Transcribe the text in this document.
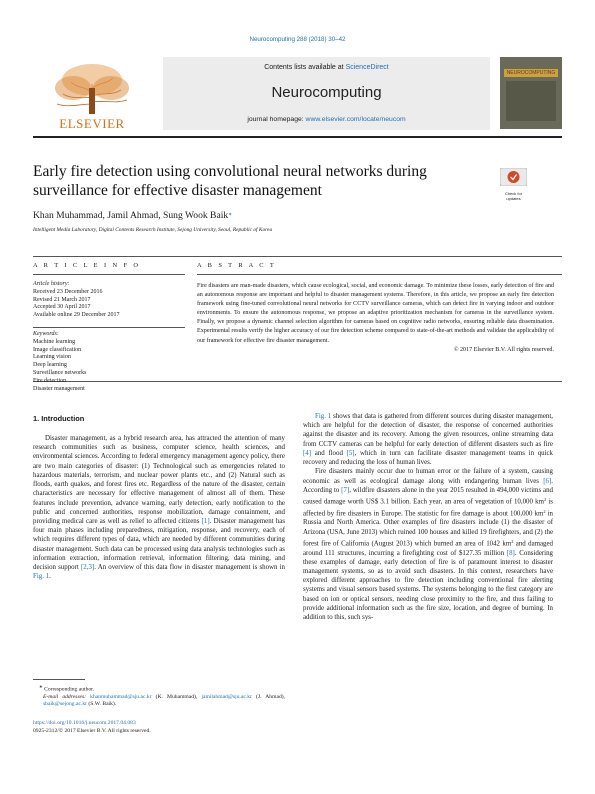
Neurocomputing 288 (2018) 30–42
ELSEVIER
Contents lists available at ScienceDirect
Neurocomputing
journal homepage: www.elsevier.com/locate/neucom
NEUROCOMPUTING
Early fire detection using convolutional neural networks during surveillance for effective disaster management	Check for
updates
Khan Muhammad, Jamil Ahmad, Sung Wook Baik∗
Intelligent Media Laboratory, Digital Contents Research Institute, Sejong University, Seoul, Republic of Korea
A R T I C L E I N F O
Article history:
Received 23 December 2016
Revised 21 March 2017
Accepted 30 April 2017
Available online 29 December 2017
Keywords:
Machine learning
Image classification
Learning vision
Deep learning
Surveillance networks
Fire detection
Disaster management
A B S T R A C T
Fire disasters are man-made disasters, which cause ecological, social, and economic damage. To minimize these losses, early detection of fire and an autonomous response are important and helpful to disaster management systems. Therefore, in this article, we propose an early fire detection framework using fine-tuned convolutional neural networks for CCTV surveillance cameras, which can detect fire in varying indoor and outdoor environments. To ensure the autonomous response, we propose an adaptive prioritization mechanism for cameras in the surveillance system. Finally, we propose a dynamic channel selection algorithm for cameras based on cognitive radio networks, ensuring reliable data dissemination. Experimental results verify the higher accuracy of our fire detection scheme compared to state-of-the-art methods and validate the applicability of our framework for effective fire disaster management.
© 2017 Elsevier B.V. All rights reserved.
1. Introduction

Disaster management, as a hybrid research area, has attracted the attention of many research communities such as business, computer science, health sciences, and environmental sciences. According to federal emergency management agency policy, there are two main categories of disaster: (1) Technological such as emergencies related to hazardous materials, terrorism, and nuclear power plants etc., and (2) Natural such as floods, earth quakes, and forest fires etc. Regardless of the nature of the disaster, certain characteristics are necessary for effective management of almost all of them. These features include prevention, advance warning, early detection, early notification to the public and concerned authorities, response mobilization, damage containment, and providing medical care as well as relief to affected citizens [1]. Disaster management has four main phases including preparedness, mitigation, response, and recovery, each of which requires different types of data, which are needed by different communities during disaster management. Such data can be processed using data analysis technologies such as information extraction, information retrieval, information filtering, data mining, and decision support [2,3]. An overview of this data flow in disaster management is shown in Fig. 1.

Fig. 1 shows that data is gathered from different sources during disaster management, which are helpful for the detection of disaster, the response of concerned authorities against the disaster and its recovery. Among the given resources, online streaming data from CCTV cameras can be helpful for early detection of different disasters such as fire [4] and flood [5], which in turn can facilitate disaster management teams in quick recovery and reducing the loss of human lives.

Fire disasters mainly occur due to human error or the failure of a system, causing economic as well as ecological damage along with endangering human lives [6]. According to [7], wildfire disasters alone in the year 2015 resulted in 494,000 victims and caused damage worth US$ 3.1 billion. Each year, an area of vegetation of 10,000 $km^2$ is affected by fire disasters in Europe. The statistic for fire damage is about 100,000 $km^2$ in Russia and North America. Other examples of fire disasters include (1) the disaster of Arizona (USA, June 2013) which ruined 100 houses and killed 19 firefighters, and (2) the forest fire of California (August 2013) which burned an area of 1042 $km^2$ and damaged around 111 structures, incurring a firefighting cost of $127.35 million [8]. Considering these examples of damage, early detection of fire is of paramount interest to disaster management systems, so as to avoid such disasters. In this context, researchers have explored different approaches to fire detection including conventional fire alerting systems and visual sensors based systems. The systems belonging to the first category are based on ion or optical sensors, needing close proximity to the fire, and thus failing to provide additional information such as the fire size, location, and degree of burning. In addition to this, such sys-

∗ Corresponding author.
E-mail addresses: khanmuhammad@sju.ac.kr (K. Muhammad), jamilahmad@sju.ac.kr (J. Ahmad), sbaik@sejong.ac.kr (S.W. Baik).
https://doi.org/10.1016/j.neucom.2017.04.083
0925-2312/© 2017 Elsevier B.V. All rights reserved.
